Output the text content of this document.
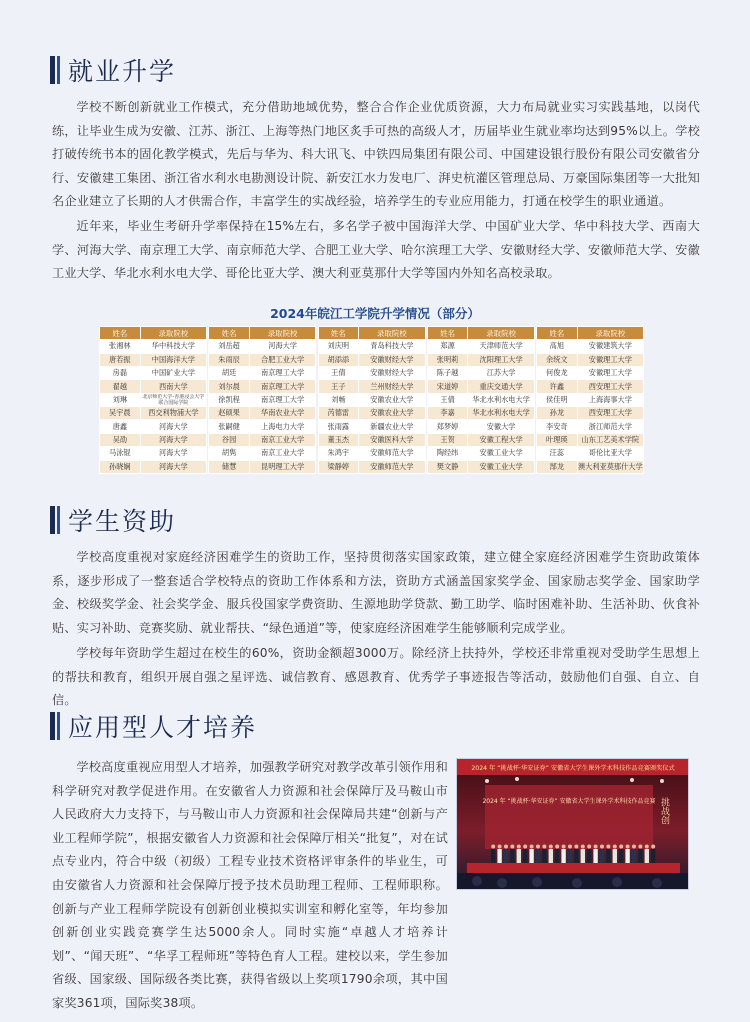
就业升学

学校不断创新就业工作模式，充分借助地域优势，整合合作企业优质资源，大力布局就业实习实践基地，以岗代练，让毕业生成为安徽、江苏、浙江、上海等热门地区炙手可热的高级人才，历届毕业生就业率均达到95%以上。学校打破传统书本的固化教学模式，先后与华为、科大讯飞、中铁四局集团有限公司、中国建设银行股份有限公司安徽省分行、安徽建工集团、浙江省水利水电勘测设计院、新安江水力发电厂、湃史杭灌区管理总局、万豪国际集团等一大批知名企业建立了长期的人才供需合作，丰富学生的实战经验，培养学生的专业应用能力，打通在校学生的职业通道。

近年来，毕业生考研升学率保持在15%左右，多名学子被中国海洋大学、中国矿业大学、华中科技大学、西南大学、河海大学、南京理工大学、南京师范大学、合肥工业大学、哈尔滨理工大学、安徽财经大学、安徽师范大学、安徽工业大学、华北水利水电大学、哥伦比亚大学、澳大利亚莫那什大学等国内外知名高校录取。

2024年皖江工学院升学情况（部分）
姓名	录取院校
张湘林	华中科技大学
唐若振	中国海洋大学
房磊	中国矿业大学
翟越	西南大学
刘琳	北京师范大学-香港浸会大学联合国际学院
吴宇晨	西交利物浦大学
唐鑫	河海大学
吴劭	河海大学
马泳锟	河海大学
孙晓娴	河海大学
姓名	录取院校
刘岳超	河海大学
朱雨辰	合肥工业大学
胡廷	南京理工大学
刘尔晨	南京理工大学
徐凯程	南京理工大学
赵硕果	华南农业大学
张嗣健	上海电力大学
谷园	南京工业大学
胡隽	南京工业大学
储慧	昆明理工大学
姓名	录取院校
刘庆明	青岛科技大学
胡添添	安徽财经大学
王倩	安徽财经大学
王子	兰州财经大学
刘畅	安徽农业大学
芮德雷	安徽农业大学
张雨露	新疆农业大学
董玉杰	安徽医科大学
朱鸿宇	安徽师范大学
梁静婷	安徽师范大学
姓名	录取院校
郑源	天津师范大学
张明莉	沈阳理工大学
陈子越	江苏大学
宋道婷	重庆交通大学
王倩	华北水利水电大学
李嘉	华北水利水电大学
郑梦婷	安徽大学
王贺	安徽工程大学
陶经纬	安徽工业大学
樊文静	安徽工业大学
姓名	录取院校
高旭	安徽建筑大学
余统文	安徽理工大学
何俊龙	安徽理工大学
许鑫	西安理工大学
侯佳明	上海海事大学
孙龙	西安理工大学
李安奇	浙江师范大学
叶理瑛	山东工艺美术学院
汪蕊	哥伦比亚大学
郜龙	澳大利亚莫那什大学
学生资助

学校高度重视对家庭经济困难学生的资助工作，坚持贯彻落实国家政策，建立健全家庭经济困难学生资助政策体系，逐步形成了一整套适合学校特点的资助工作体系和方法，资助方式涵盖国家奖学金、国家励志奖学金、国家助学金、校级奖学金、社会奖学金、服兵役国家学费资助、生源地助学贷款、勤工助学、临时困难补助、生活补助、伙食补贴、实习补助、竞赛奖励、就业帮扶、“绿色通道”等，使家庭经济困难学生能够顺利完成学业。

学校每年资助学生超过在校生的60%，资助金额超3000万。除经济上扶持外，学校还非常重视对受助学生思想上的帮扶和教育，组织开展自强之星评选、诚信教育、感恩教育、优秀学子事迹报告等活动，鼓励他们自强、自立、自信。

应用型人才培养
2024 年 “挑战杯·华安证券” 安徽省大学生课外学术科技作品竞赛颁奖仪式
2024 年 “挑战杯·华安证券” 安徽省大学生课外学术科技作品竞赛 挑战创

学校高度重视应用型人才培养，加强教学研究对教学改革引领作用和科学研究对教学促进作用。在安徽省人力资源和社会保障厅及马鞍山市人民政府大力支持下，与马鞍山市人力资源和社会保障局共建“创新与产业工程师学院”，根据安徽省人力资源和社会保障厅相关“批复”，对在试点专业内，符合中级（初级）工程专业技术资格评审条件的毕业生，可由安徽省人力资源和社会保障厅授予技术员助理工程师、工程师职称。创新与产业工程师学院设有创新创业模拟实训室和孵化室等，年均参加创新创业实践竞赛学生达5000余人。同时实施“卓越人才培养计划”、“闻天班”、“华孚工程师班”等特色育人工程。建校以来，学生参加省级、国家级、国际级各类比赛，获得省级以上奖项1790余项，其中国家奖361项，国际奖38项。
